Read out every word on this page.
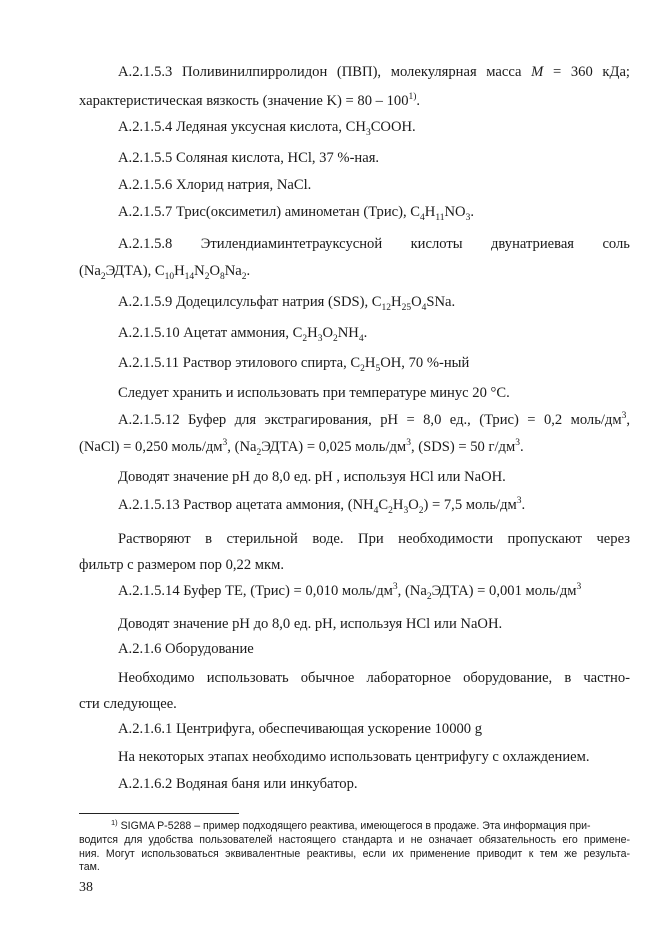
А.2.1.5.3 Поливинилпирролидон (ПВП), молекулярная масса M = 360 кДа;

характеристическая вязкость (значение K) = 80 – 100$^{1)}$.

А.2.1.5.4 Ледяная уксусная кислота, $CH_3COOH$.

А.2.1.5.5 Соляная кислота, HCl, 37 %-ная.

А.2.1.5.6 Хлорид натрия, NaCl.

А.2.1.5.7 Трис(оксиметил) аминометан (Трис), $C_4H_{11}NO_3$.

А.2.1.5.8 Этилендиаминтетрауксусной кислоты двунатриевая соль

$(Na_2ЭДТА)$, $C_{10}H_{14}N_2O_8Na_2$.

А.2.1.5.9 Додецилсульфат натрия (SDS), $C_{12}H_{25}O_4SNa$.

А.2.1.5.10 Ацетат аммония, $C_2H_3O_2NH_4$.

А.2.1.5.11 Раствор этилового спирта, $C_2H_5OH$, 70 %-ный

Следует хранить и использовать при температуре минус 20 °С.

А.2.1.5.12 Буфер для экстрагирования, pH = 8,0 ед., (Трис) = 0,2 моль/$дм^3$,

(NaCl) = 0,250 моль/$дм^3$, $(Na_2ЭДТА) = 0,025$ моль/$дм^3$, (SDS) = 50 $г/дм^3$.

Доводят значение pH до 8,0 ед. pH , используя HCl или NaOH.

А.2.1.5.13 Раствор ацетата аммония, $(NH_4C_2H_3O_2) = 7,5$ моль/$дм^3$.

Растворяют в стерильной воде. При необходимости пропускают через

фильтр с размером пор 0,22 мкм.

А.2.1.5.14 Буфер TE, (Трис) = 0,010 моль/$дм^3$, $(Na_2ЭДТА) = 0,001$ моль/$дм^3$

Доводят значение pH до 8,0 ед. pH, используя HCl или NaOH.

А.2.1.6 Оборудование

Необходимо использовать обычное лабораторное оборудование, в частно-

сти следующее.

А.2.1.6.1 Центрифуга, обеспечивающая ускорение 10000 g

На некоторых этапах необходимо использовать центрифугу с охлаждением.

А.2.1.6.2 Водяная баня или инкубатор.

$^{1)}$ SIGMA P-5288 – пример подходящего реактива, имеющегося в продаже. Эта информация при-

водится для удобства пользователей настоящего стандарта и не означает обязательность его примене-

ния. Могут использоваться эквивалентные реактивы, если их применение приводит к тем же результа-

там.

38
